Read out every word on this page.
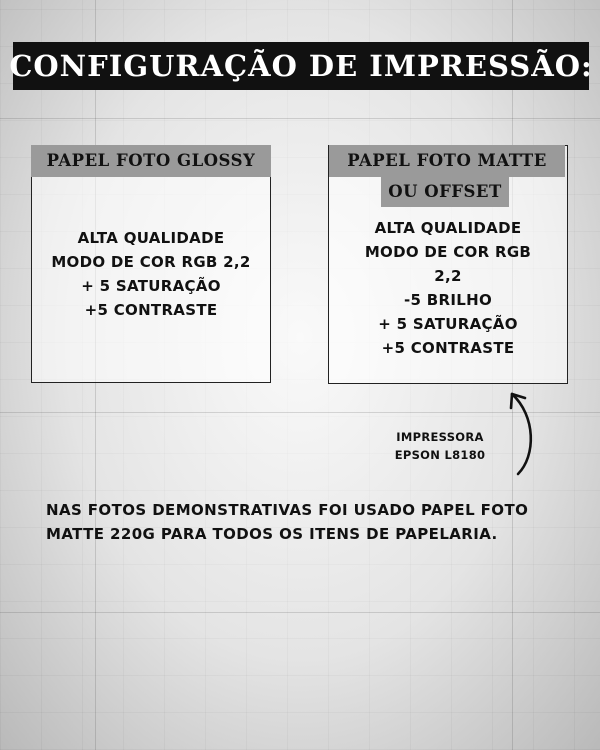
CONFIGURAÇÃO DE IMPRESSÃO:
PAPEL FOTO GLOSSY
ALTA QUALIDADE
MODO DE COR RGB 2,2
+ 5 SATURAÇÃO
+5 CONTRASTE
PAPEL FOTO MATTE
OU OFFSET
ALTA QUALIDADE
MODO DE COR RGB
2,2
-5 BRILHO
+ 5 SATURAÇÃO
+5 CONTRASTE
IMPRESSORA
EPSON L8180
NAS FOTOS DEMONSTRATIVAS FOI USADO PAPEL FOTO
MATTE 220G PARA TODOS OS ITENS DE PAPELARIA.
